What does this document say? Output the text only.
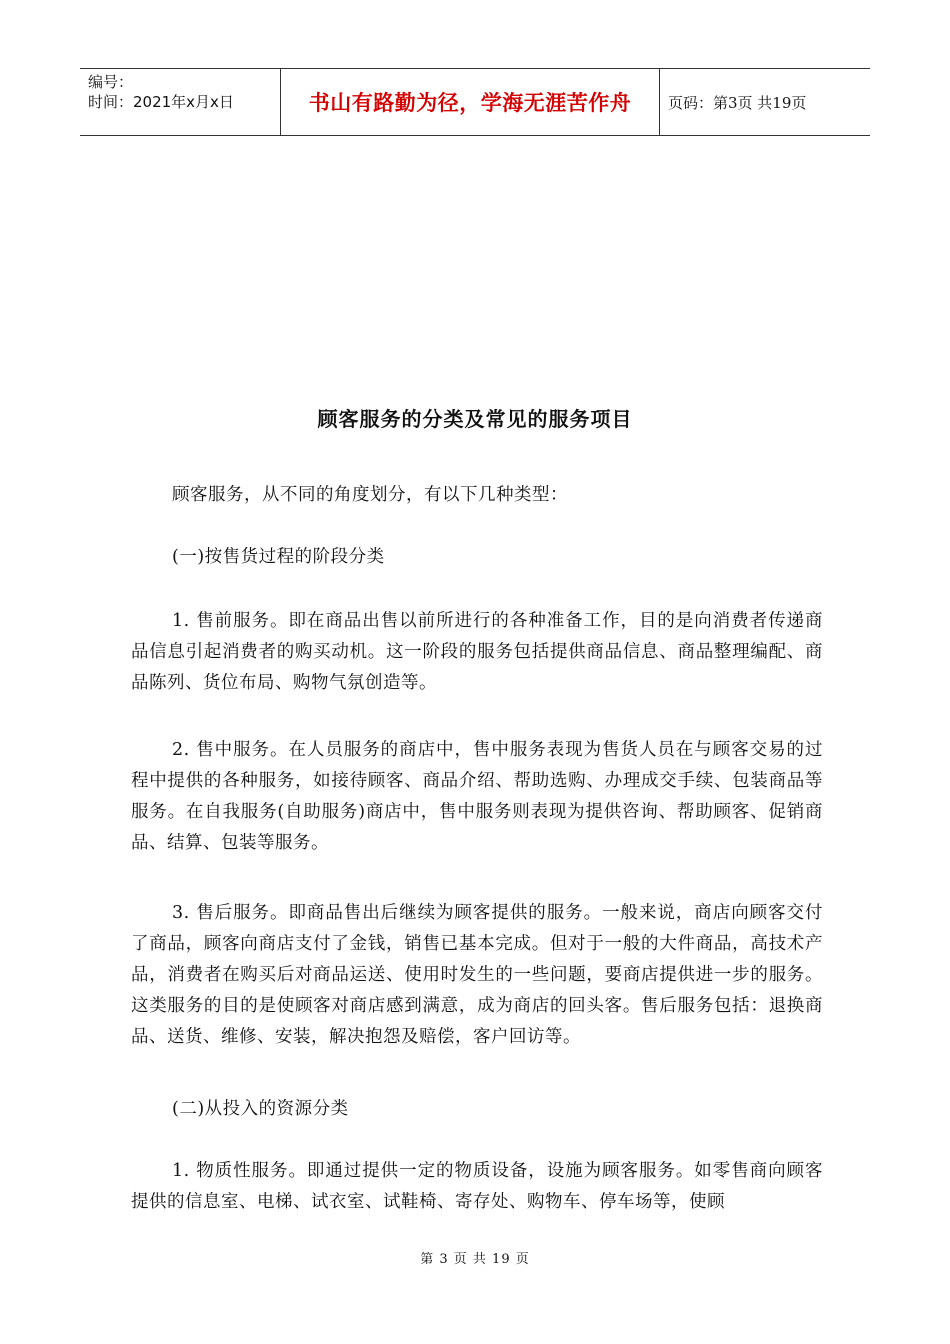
编号：
时间：2021年x月x日	书山有路勤为径，学海无涯苦作舟 页码：第3页 共19页
顾客服务的分类及常见的服务项目

顾客服务，从不同的角度划分，有以下几种类型：

(一)按售货过程的阶段分类

1. 售前服务。即在商品出售以前所进行的各种准备工作，目的是向消费者传递商品信息引起消费者的购买动机。这一阶段的服务包括提供商品信息、商品整理编配、商品陈列、货位布局、购物气氛创造等。

2. 售中服务。在人员服务的商店中，售中服务表现为售货人员在与顾客交易的过程中提供的各种服务，如接待顾客、商品介绍、帮助选购、办理成交手续、包装商品等服务。在自我服务(自助服务)商店中，售中服务则表现为提供咨询、帮助顾客、促销商品、结算、包装等服务。

3. 售后服务。即商品售出后继续为顾客提供的服务。一般来说，商店向顾客交付了商品，顾客向商店支付了金钱，销售已基本完成。但对于一般的大件商品，高技术产品，消费者在购买后对商品运送、使用时发生的一些问题，要商店提供进一步的服务。这类服务的目的是使顾客对商店感到满意，成为商店的回头客。售后服务包括：退换商品、送货、维修、安装，解决抱怨及赔偿，客户回访等。

(二)从投入的资源分类

1. 物质性服务。即通过提供一定的物质设备，设施为顾客服务。如零售商向顾客提供的信息室、电梯、试衣室、试鞋椅、寄存处、购物车、停车场等，使顾

第 3 页 共 19 页
